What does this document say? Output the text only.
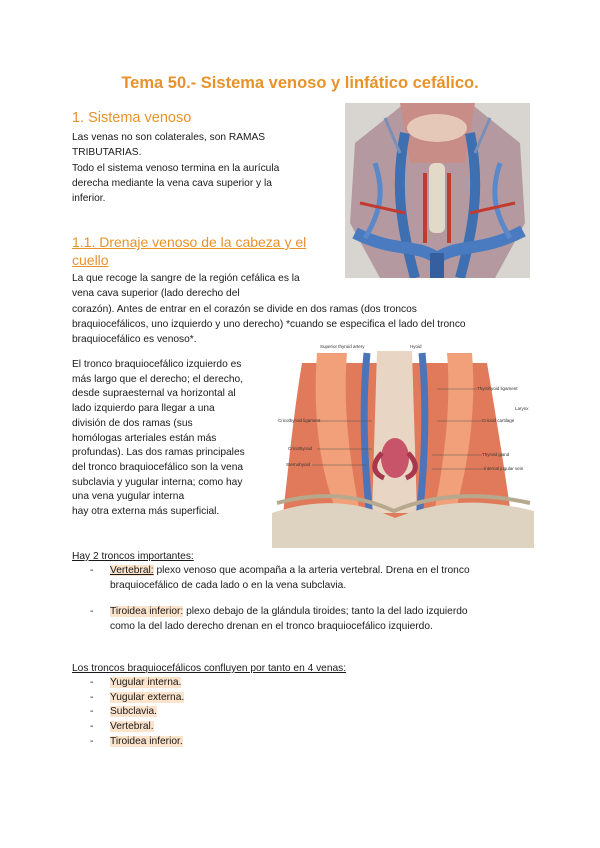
Tema 50.- Sistema venoso y linfático cefálico.
1. Sistema venoso
Las venas no son colaterales, son RAMAS
TRIBUTARIAS.
Todo el sistema venoso termina en la aurícula
derecha mediante la vena cava superior y la
inferior.
1.1. Drenaje venoso de la cabeza y el
cuello
La que recoge la sangre de la región cefálica es la
vena cava superior (lado derecho del
corazón). Antes de entrar en el corazón se divide en dos ramas (dos troncos
braquiocefálicos, uno izquierdo y uno derecho) *cuando se especifica el lado del tronco
braquiocefálico es venoso*.
El tronco braquiocefálico izquierdo es
más largo que el derecho; el derecho,
desde supraesternal va horizontal al
lado izquierdo para llegar a una
división de dos ramas (sus
homólogas arteriales están más
profundas). Las dos ramas principales
del tronco braquiocefálico son la vena
subclavia y yugular interna; como hay
una vena yugular interna
hay otra externa más superficial.
Superior thyroid artery	Hyoid
Thyrohyoid ligament
Cricoid cartilage
Larynx
Thyroid gland
Internal jugular vein
Cricothyroid ligament
Cricothyroid
Sternohyoid
Hay 2 troncos importantes:
- Vertebral: plexo venoso que acompaña a la arteria vertebral. Drena en el tronco
braquiocefálico de cada lado o en la vena subclavia.
- Tiroidea inferior: plexo debajo de la glándula tiroides; tanto la del lado izquierdo
como la del lado derecho drenan en el tronco braquiocefálico izquierdo.
Los troncos braquiocefálicos confluyen por tanto en 4 venas:
- Yugular interna.
- Yugular externa.
- Subclavia.
- Vertebral.
- Tiroidea inferior.
